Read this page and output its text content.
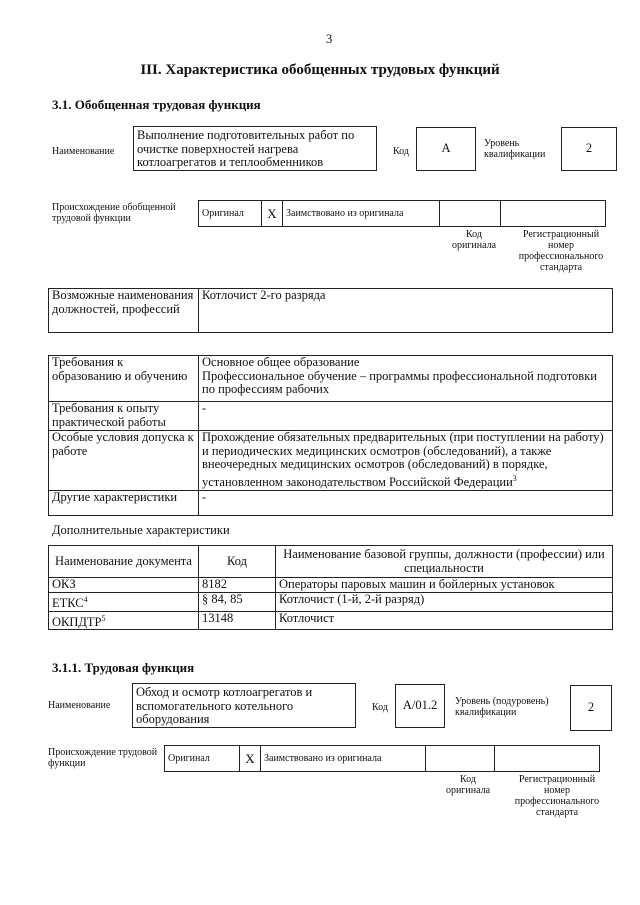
3
III. Характеристика обобщенных трудовых функций
3.1. Обобщенная трудовая функция
Наименование
Выполнение подготовительных работ по очистке поверхностей нагрева котлоагрегатов и теплообменников
Код	A	Уровень квалификации	2
Происхождение обобщенной трудовой функции	Оригинал	X	Заимствовано из оригинала		
Код оригинала
Регистрационный номер профессионального стандарта
Возможные наименования должностей, профессий	Котлочист 2-го разряда
Требования к образованию и обучению	Основное общее образование
Профессиональное обучение – программы профессиональной подготовки по профессиям рабочих

Требования к опыту практической работы	-
Особые условия допуска к работе	Прохождение обязательных предварительных (при поступлении на работу) и периодических медицинских осмотров (обследований), а также внеочередных медицинских осмотров (обследований) в порядке, установленном законодательством Российской Федерации$^3$
Другие характеристики	-
Дополнительные характеристики
Наименование документа	Код	Наименование базовой группы, должности (профессии) или специальности
ОКЗ	8182	Операторы паровых машин и бойлерных установок
ЕТКС$^4$	§ 84, 85	Котлочист (1-й, 2-й разряд)
ОКПДТР$^5$	13148	Котлочист
3.1.1. Трудовая функция
Наименование
Обход и осмотр котлоагрегатов и вспомогательного котельного оборудования
Код	A/01.2	Уровень (подуровень) квалификации	2
Происхождение трудовой функции	Оригинал	X	Заимствовано из оригинала		
Код оригинала
Регистрационный номер профессионального стандарта
